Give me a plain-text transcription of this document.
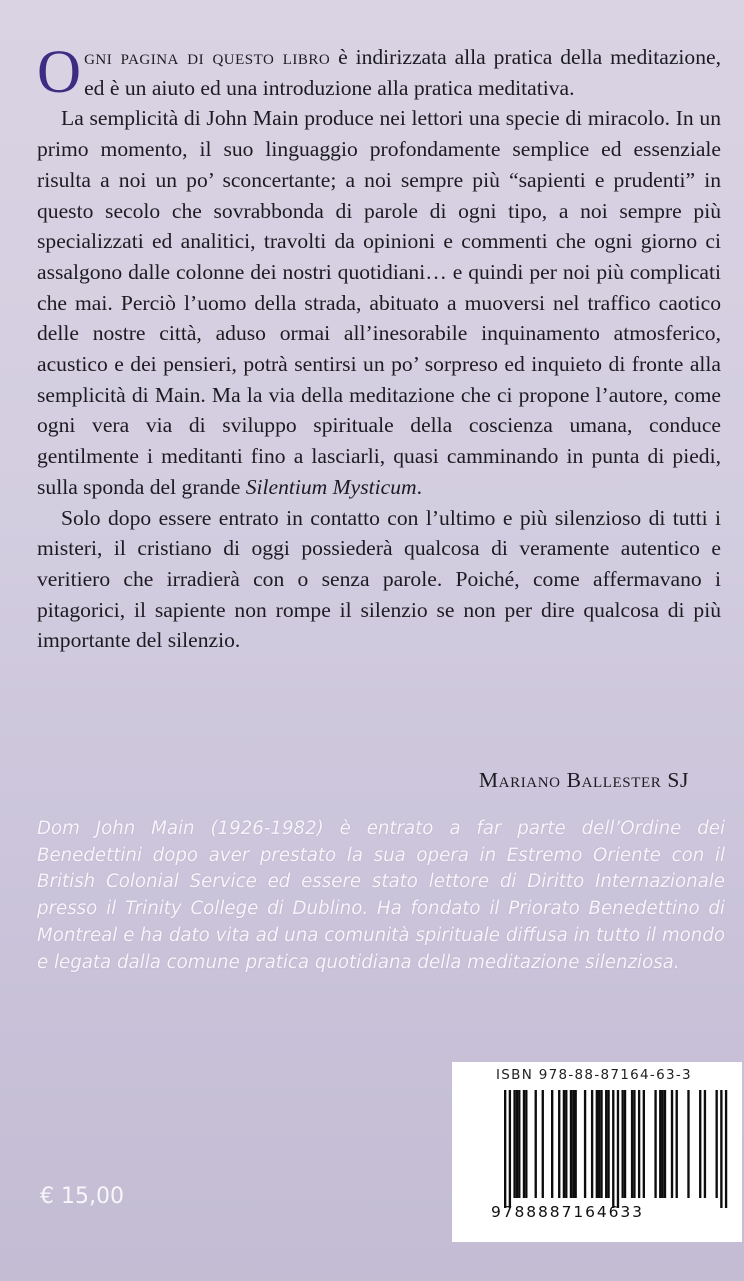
Ogni pagina di questo libro è indirizzata alla pratica della meditazione, ed è un aiuto ed una introduzione alla pratica meditativa.

La semplicità di John Main produce nei lettori una specie di miracolo. In un primo momento, il suo linguaggio profondamente semplice ed essenziale risulta a noi un po’ sconcertante; a noi sempre più “sapienti e prudenti” in questo secolo che sovrabbonda di parole di ogni tipo, a noi sempre più specializzati ed analitici, travolti da opinioni e commenti che ogni giorno ci assalgono dalle colonne dei nostri quotidiani… e quindi per noi più complicati che mai. Perciò l’uomo della strada, abituato a muoversi nel traffico caotico delle nostre città, aduso ormai all’inesorabile inquinamento atmosferico, acustico e dei pensieri, potrà sentirsi un po’ sorpreso ed inquieto di fronte alla semplicità di Main. Ma la via della meditazione che ci propone l’autore, come ogni vera via di sviluppo spirituale della coscienza umana, conduce gentilmente i meditanti fino a lasciarli, quasi camminando in punta di piedi, sulla sponda del grande Silentium Mysticum.

Solo dopo essere entrato in contatto con l’ultimo e più silenzioso di tutti i misteri, il cristiano di oggi possiederà qualcosa di veramente autentico e veritiero che irradierà con o senza parole. Poiché, come affermavano i pitagorici, il sapiente non rompe il silenzio se non per dire qualcosa di più importante del silenzio.

Mariano Ballester SJ
Dom John Main (1926-1982) è entrato a far parte dell’Ordine dei Benedettini dopo aver prestato la sua opera in Estremo Oriente con il British Colonial Service ed essere stato lettore di Diritto Internazionale presso il Trinity College di Dublino. Ha fondato il Priorato Benedettino di Montreal e ha dato vita ad una comunità spirituale diffusa in tutto il mondo e legata dalla comune pratica quotidiana della meditazione silenziosa.
€ 15,00
ISBN 978-88-87164-63-3
9788887164633
